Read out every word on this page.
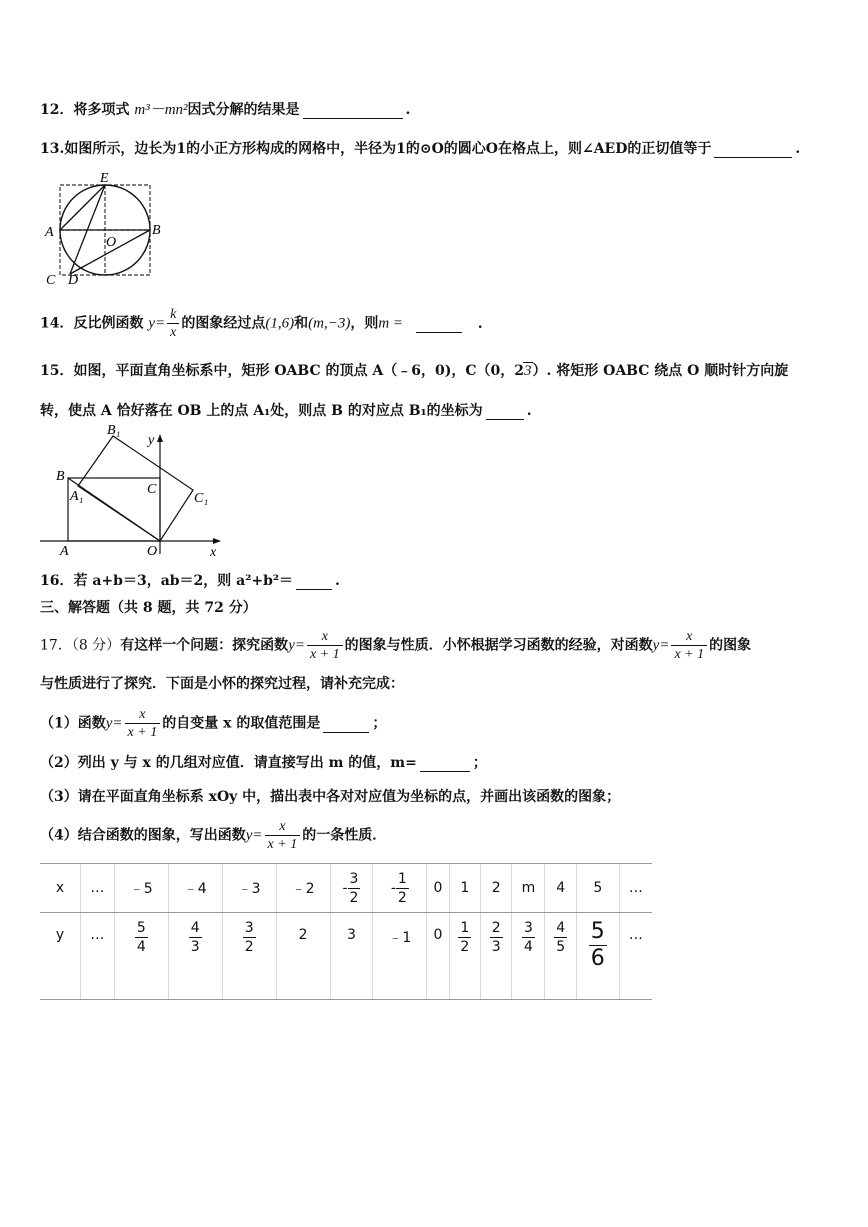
12．将多项式 m³－mn²因式分解的结果是	.
13.如图所示，边长为1的小正方形构成的网格中，半径为1的⊙O的圆心O在格点上，则∠AED的正切值等于	.
E
A	B
O
C D
14．反比例函数 $y= \frac{k}{x}$ 的图象经过点(1,6)和(m,−3)，则m =	.
15．如图，平面直角坐标系中，矩形 OABC 的顶点 A（﹣6，0)，C（0，23）. 将矩形 OABC 绕点 O 顺时针方向旋
转，使点 A 恰好落在 OB 上的点 A₁处，则点 B 的对应点 B₁的坐标为	.
B₁
y
B
A₁	C
C₁
A	O	x
16．若 a+b＝3，ab＝2，则 a²+b²＝	.
三、解答题（共 8 题，共 72 分）
17．（8 分）有这样一个问题：探究函数$y= \frac{x}{x + 1}$ 的图象与性质．小怀根据学习函数的经验，对函数$y= \frac{x}{x + 1}$ 的图象
与性质进行了探究．下面是小怀的探究过程，请补充完成：
（1）函数$y= \frac{x}{x + 1}$ 的自变量 x 的取值范围是	；
（2）列出 y 与 x 的几组对应值．请直接写出 m 的值，m=	；
（3）请在平面直角坐标系 xOy 中，描出表中各对对应值为坐标的点，并画出该函数的图象；
（4）结合函数的图象，写出函数$y= \frac{x}{x + 1}$ 的一条性质．
x	…	﹣5	﹣4	﹣3	﹣2	- $\frac{3}{2}$	- $\frac{1}{2}$	0	1	2	m	4	5	…
y	…	$\frac{5}{4}$	$\frac{4}{3}$	$\frac{3}{2}$	2	3	﹣1	0	$\frac{1}{2}$	$\frac{2}{3}$	$\frac{3}{4}$	$\frac{4}{5}$	$\frac{5}{6}$	…
